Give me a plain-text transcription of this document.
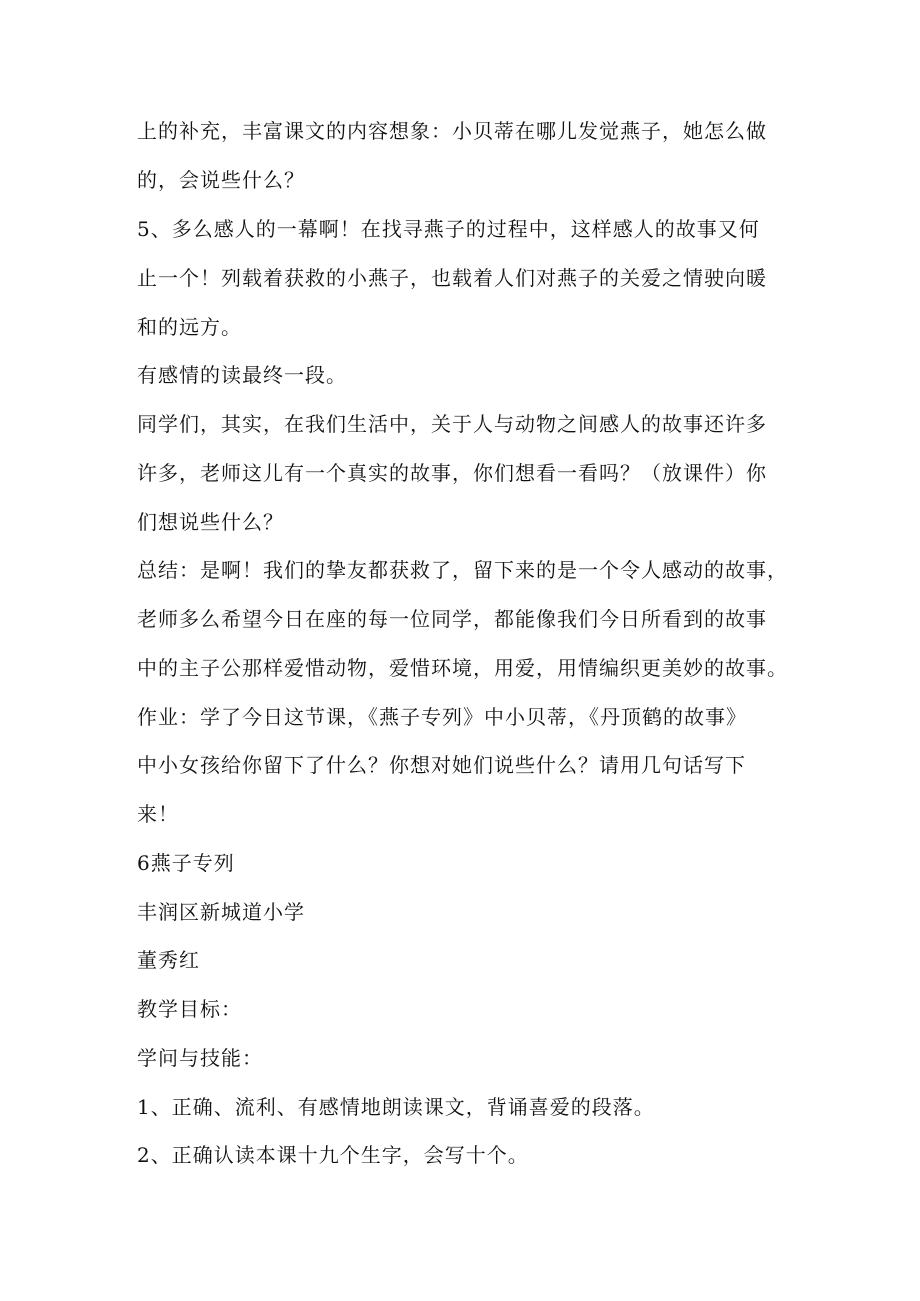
上的补充，丰富课文的内容想象：小贝蒂在哪儿发觉燕子，她怎么做
的，会说些什么？
5、多么感人的一幕啊！在找寻燕子的过程中，这样感人的故事又何
止一个！列载着获救的小燕子，也载着人们对燕子的关爱之情驶向暖
和的远方。
有感情的读最终一段。
同学们，其实，在我们生活中，关于人与动物之间感人的故事还许多
许多，老师这儿有一个真实的故事，你们想看一看吗？（放课件）你
们想说些什么？
总结：是啊！我们的挚友都获救了，留下来的是一个令人感动的故事，
老师多么希望今日在座的每一位同学，都能像我们今日所看到的故事
中的主子公那样爱惜动物，爱惜环境，用爱，用情编织更美妙的故事。
作业：学了今日这节课，《燕子专列》中小贝蒂，《丹顶鹤的故事》
中小女孩给你留下了什么？你想对她们说些什么？请用几句话写下
来！
6燕子专列
丰润区新城道小学
董秀红
教学目标：
学问与技能：
1、正确、流利、有感情地朗读课文，背诵喜爱的段落。
2、正确认读本课十九个生字，会写十个。
